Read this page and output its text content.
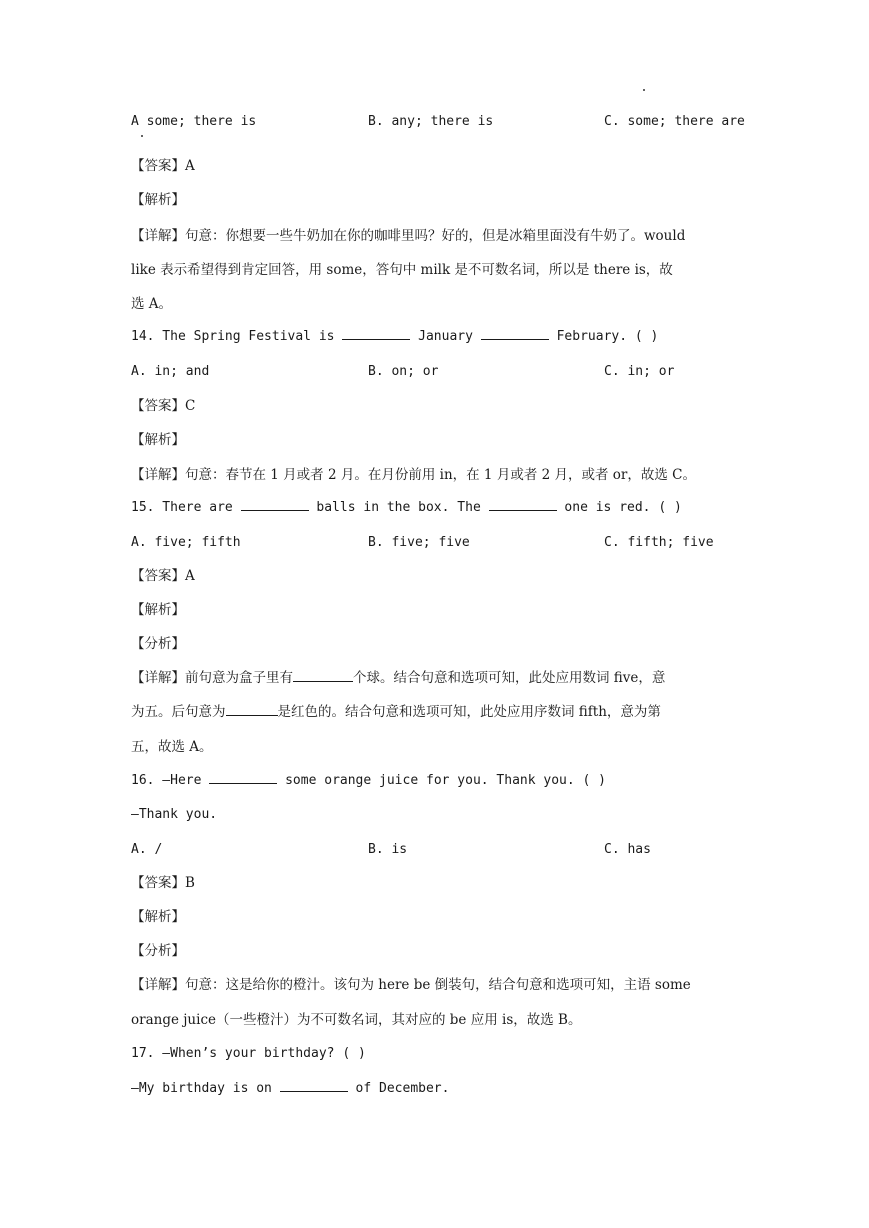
A some; there is	B. any; there is	C. some; there are
【答案】A
【解析】
【详解】句意：你想要一些牛奶加在你的咖啡里吗？好的，但是冰箱里面没有牛奶了。would
like 表示希望得到肯定回答，用 some，答句中 milk 是不可数名词，所以是 there is，故
选 A。
14. The Spring Festival is	January	February. ( )
A. in; and	B. on; or	C. in; or
【答案】C
【解析】
【详解】句意：春节在 1 月或者 2 月。在月份前用 in，在 1 月或者 2 月，或者 or，故选 C。
15. There are	balls in the box. The	one is red. ( )
A. five; fifth	B. five; five	C. fifth; five
【答案】A
【解析】
【分析】
【详解】前句意为盒子里有	个球。结合句意和选项可知，此处应用数词 five，意
为五。后句意为	是红色的。结合句意和选项可知，此处应用序数词 fifth，意为第
五，故选 A。
16. —Here	some orange juice for you. Thank you. ( )
—Thank you.
A. /	B. is	C. has
【答案】B
【解析】
【分析】
【详解】句意：这是给你的橙汁。该句为 here be 倒装句，结合句意和选项可知，主语 some
orange juice（一些橙汁）为不可数名词，其对应的 be 应用 is，故选 B。
17. —When’s your birthday? ( )
—My birthday is on	of December.
